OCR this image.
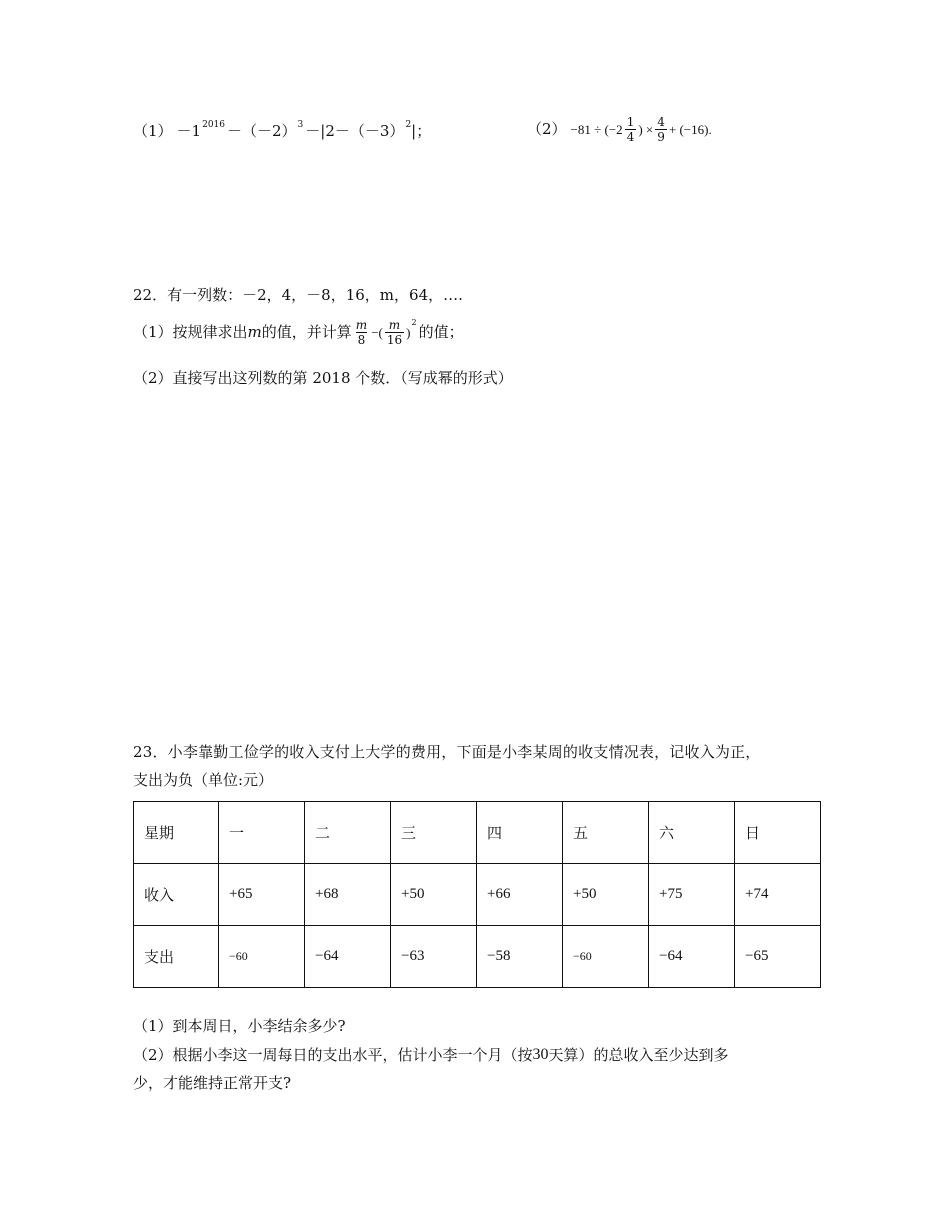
$(1) -1^{2016} -(-2)^3 -|2-(-3)^2$ |；	$(2) -81 \div (-2 \frac{1}{4}$ ) × $\frac{4}{9} + (-16)$.
22．有一列数：－2，4，－8，16，m，64，….
（1）按规律求出 m 的值，并计算 $\frac{m}{8}$ −( $\frac{m}{16}$ )
$^2$
的值；
（2）直接写出这列数的第 2018 个数．（写成幂的形式）
23．小李靠勤工俭学的收入支付上大学的费用，下面是小李某周的收支情况表，记收入为正，
支出为负（单位:元）
星期	一	二	三	四	五	六	日
收入	+65	+68	+50	+66	+50	+75	+74
支出	−60	−64	−63	−58	−60	−64	−65
（1）到本周日，小李结余多少?
（2）根据小李这一周每日的支出水平，估计小李一个月（按 30 天算）的总收入至少达到多
少，才能维持正常开支?
